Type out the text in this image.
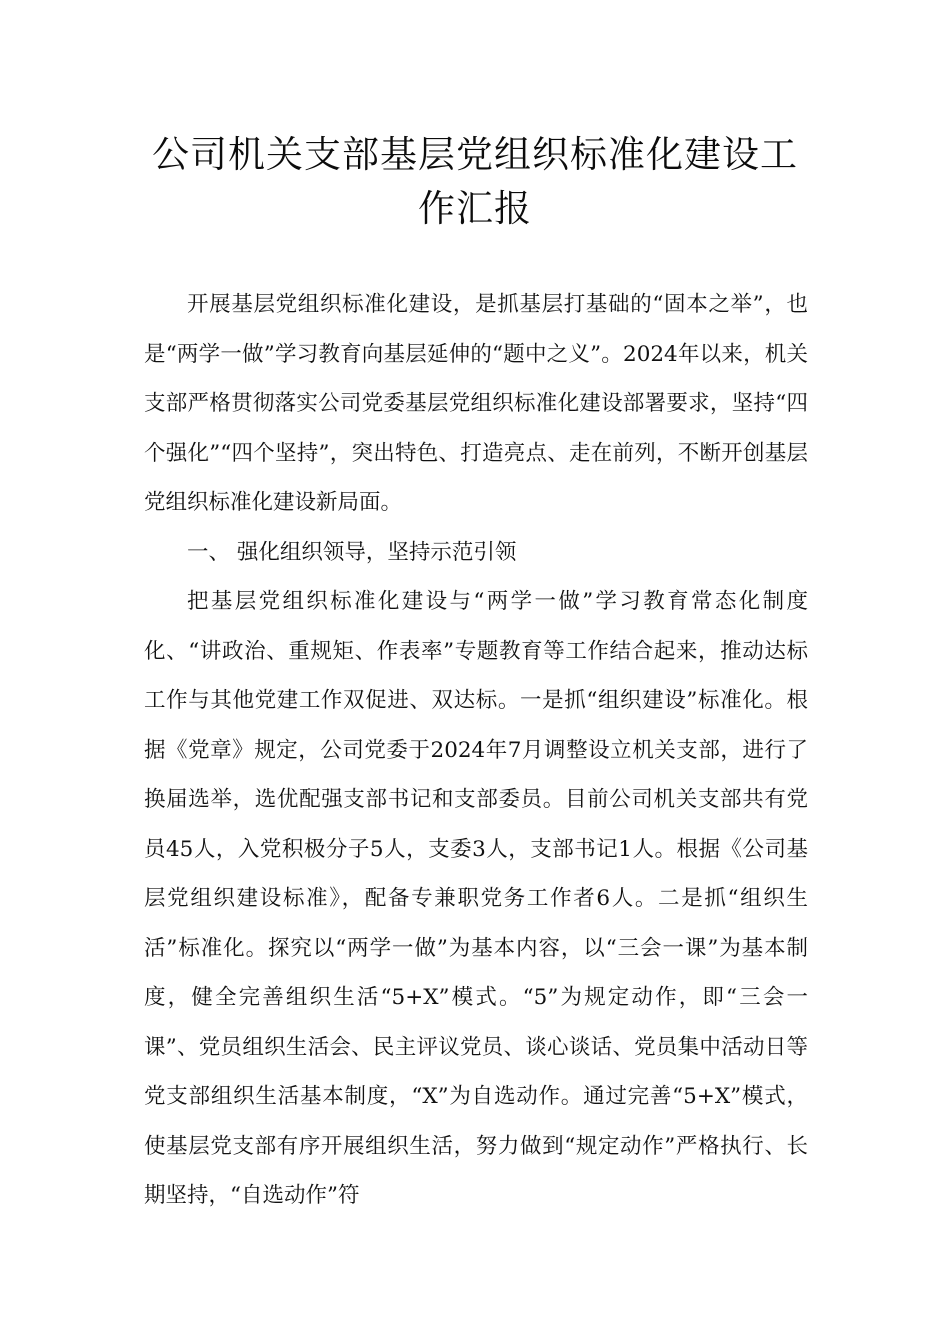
公司机关支部基层党组织标准化建设工
作汇报

开展基层党组织标准化建设，是抓基层打基础的“固本之举”，也是“两学一做”学习教育向基层延伸的“题中之义”。2024年以来，机关支部严格贯彻落实公司党委基层党组织标准化建设部署要求，坚持“四个强化”“四个坚持”，突出特色、打造亮点、走在前列，不断开创基层党组织标准化建设新局面。

一、 强化组织领导，坚持示范引领

把基层党组织标准化建设与“两学一做”学习教育常态化制度化、“讲政治、重规矩、作表率”专题教育等工作结合起来，推动达标工作与其他党建工作双促进、双达标。一是抓“组织建设”标准化。根据《党章》规定，公司党委于2024年7月调整设立机关支部，进行了换届选举，选优配强支部书记和支部委员。目前公司机关支部共有党员45人，入党积极分子5人，支委3人，支部书记1人。根据《公司基层党组织建设标准》，配备专兼职党务工作者6人。二是抓“组织生活”标准化。探究以“两学一做”为基本内容，以“三会一课”为基本制度，健全完善组织生活“5+X”模式。“5”为规定动作，即“三会一课”、党员组织生活会、民主评议党员、谈心谈话、党员集中活动日等党支部组织生活基本制度，“X”为自选动作。通过完善“5+X”模式，使基层党支部有序开展组织生活，努力做到“规定动作”严格执行、长期坚持，“自选动作”符
